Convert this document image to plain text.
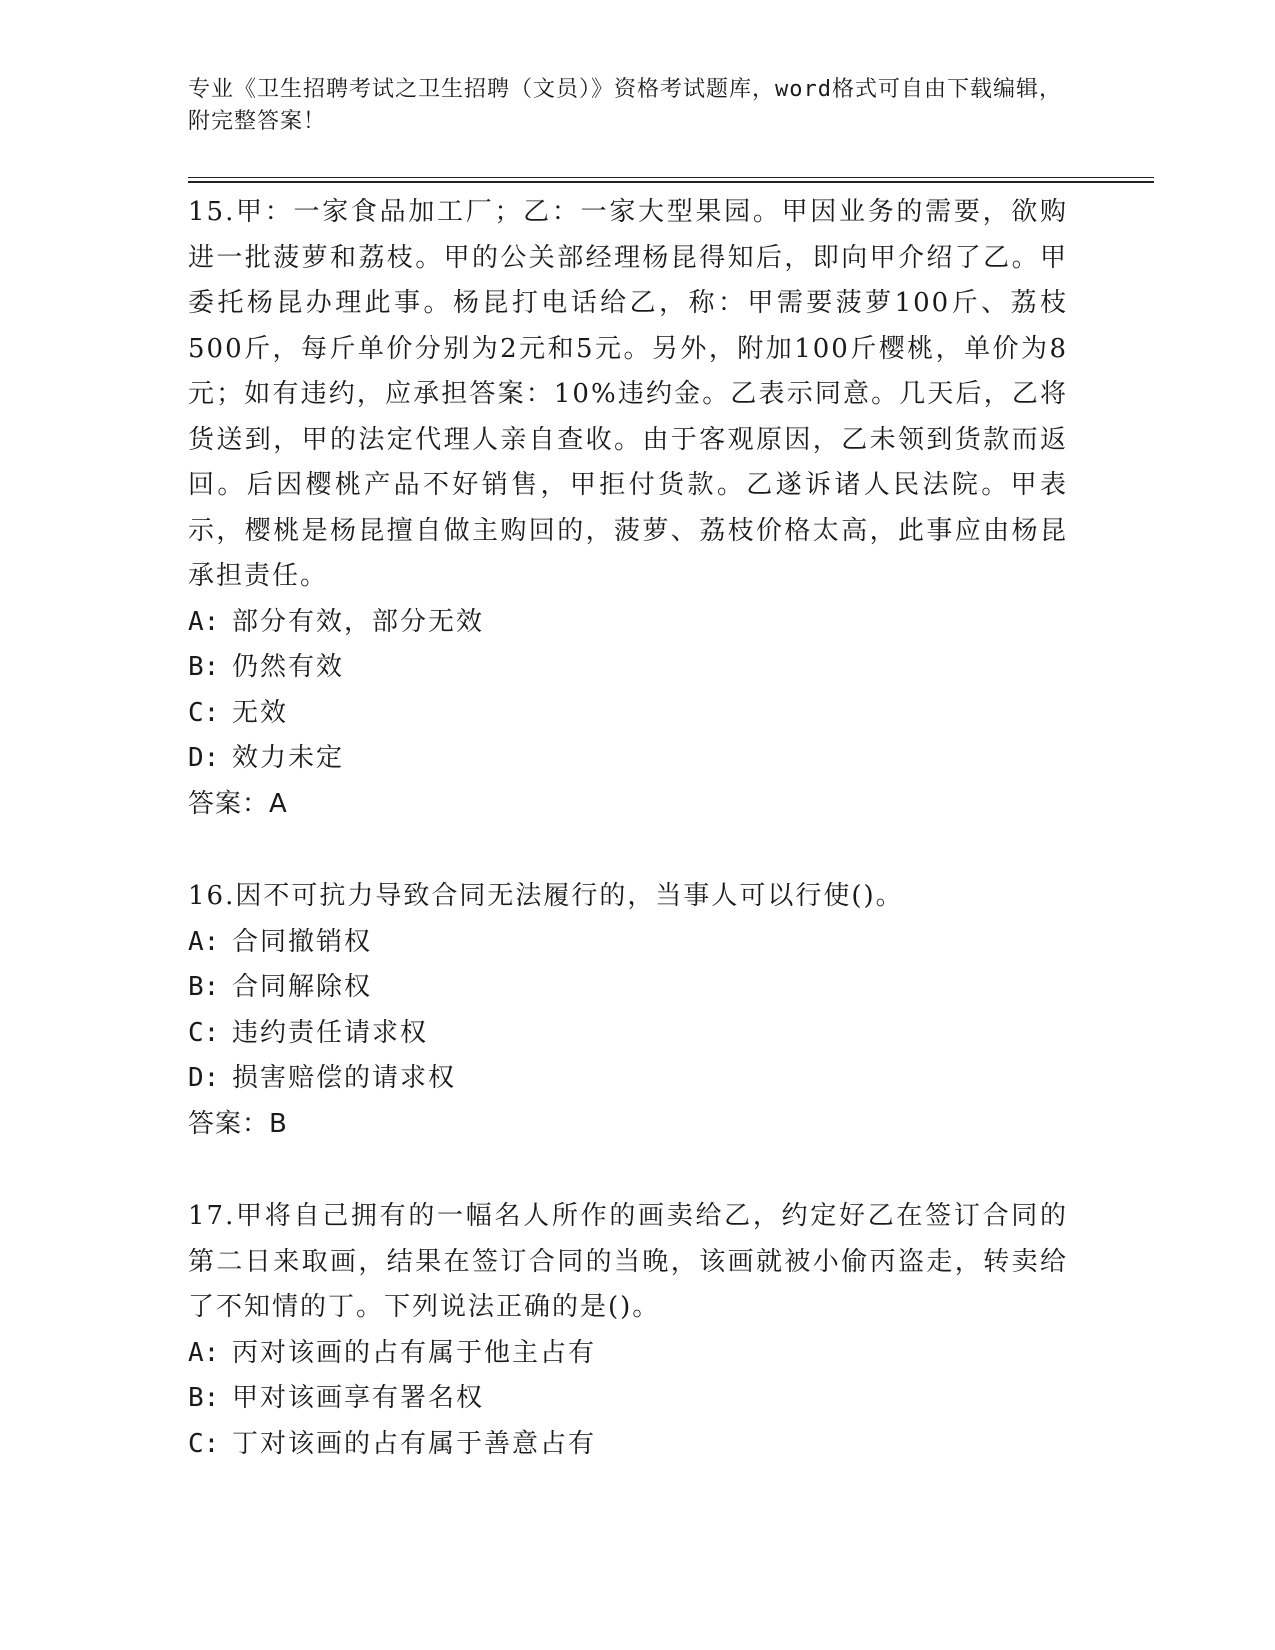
专业《卫生招聘考试之卫生招聘（文员）》资格考试题库，word格式可自由下载编辑，附完整答案！
15.甲：一家食品加工厂；乙：一家大型果园。甲因业务的需要，欲购进一批菠萝和荔枝。甲的公关部经理杨昆得知后，即向甲介绍了乙。甲委托杨昆办理此事。杨昆打电话给乙，称：甲需要菠萝100斤、荔枝500斤，每斤单价分别为2元和5元。另外，附加100斤樱桃，单价为8元；如有违约，应承担答案：10%违约金。乙表示同意。几天后，乙将货送到，甲的法定代理人亲自查收。由于客观原因，乙未领到货款而返回。后因樱桃产品不好销售，甲拒付货款。乙遂诉诸人民法院。甲表示，樱桃是杨昆擅自做主购回的，菠萝、荔枝价格太高，此事应由杨昆承担责任。
A: 部分有效，部分无效
B: 仍然有效
C: 无效
D: 效力未定
答案：A
16.因不可抗力导致合同无法履行的，当事人可以行使()。
A: 合同撤销权
B: 合同解除权
C: 违约责任请求权
D: 损害赔偿的请求权
答案：B
17.甲将自己拥有的一幅名人所作的画卖给乙，约定好乙在签订合同的第二日来取画，结果在签订合同的当晚，该画就被小偷丙盗走，转卖给了不知情的丁。下列说法正确的是()。
A: 丙对该画的占有属于他主占有
B: 甲对该画享有署名权
C: 丁对该画的占有属于善意占有
